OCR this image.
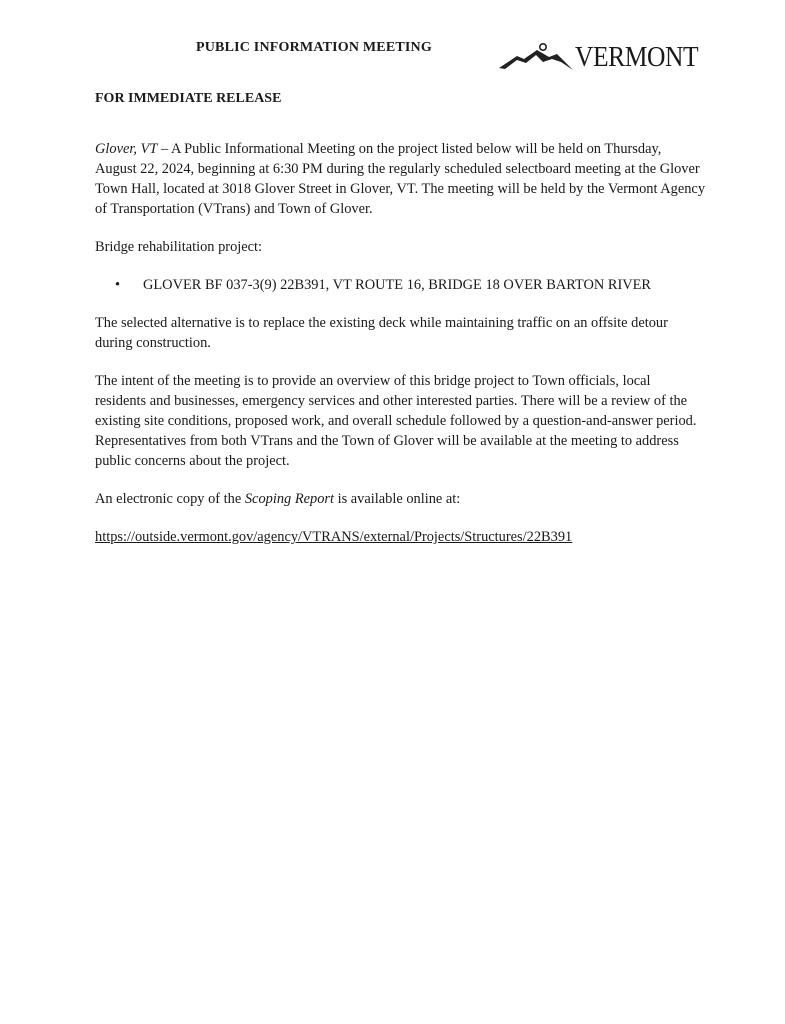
PUBLIC INFORMATION MEETING	VERMONT
FOR IMMEDIATE RELEASE

Glover, VT – A Public Informational Meeting on the project listed below will be held on Thursday, August 22, 2024, beginning at 6:30 PM during the regularly scheduled selectboard meeting at the Glover Town Hall, located at 3018 Glover Street in Glover, VT. The meeting will be held by the Vermont Agency of Transportation (VTrans) and Town of Glover.

Bridge rehabilitation project:

• GLOVER BF 037-3(9) 22B391, VT ROUTE 16, BRIDGE 18 OVER BARTON RIVER

The selected alternative is to replace the existing deck while maintaining traffic on an offsite detour during construction.

The intent of the meeting is to provide an overview of this bridge project to Town officials, local residents and businesses, emergency services and other interested parties. There will be a review of the existing site conditions, proposed work, and overall schedule followed by a question-and-answer period. Representatives from both VTrans and the Town of Glover will be available at the meeting to address public concerns about the project.

An electronic copy of the Scoping Report is available online at:

https://outside.vermont.gov/agency/VTRANS/external/Projects/Structures/22B391
